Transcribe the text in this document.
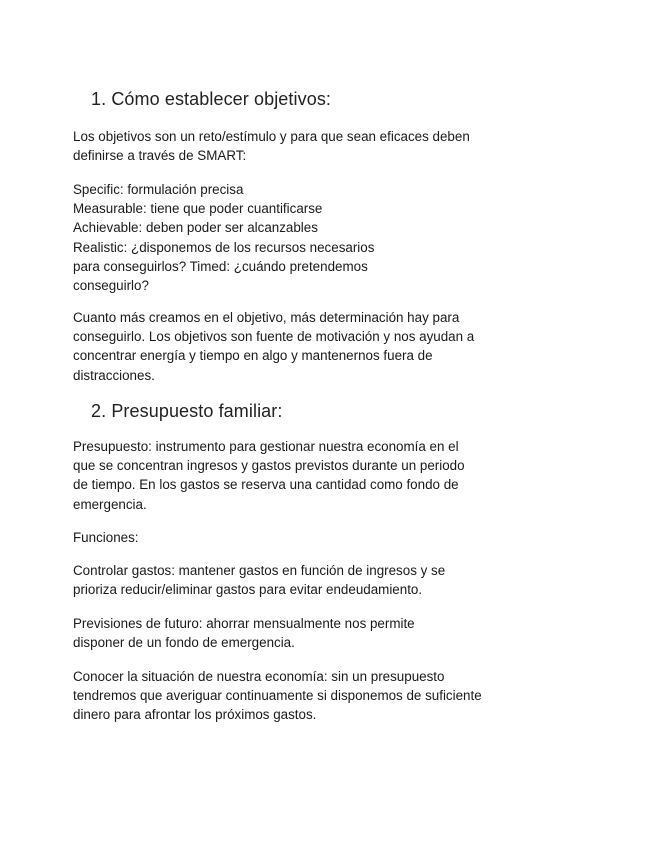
1. Cómo establecer objetivos:

Los objetivos son un reto/estímulo y para que sean eficaces deben
definirse a través de SMART:

Specific: formulación precisa
Measurable: tiene que poder cuantificarse
Achievable: deben poder ser alcanzables
Realistic: ¿disponemos de los recursos necesarios
para conseguirlos? Timed: ¿cuándo pretendemos
conseguirlo?

Cuanto más creamos en el objetivo, más determinación hay para
conseguirlo. Los objetivos son fuente de motivación y nos ayudan a
concentrar energía y tiempo en algo y mantenernos fuera de
distracciones.

2. Presupuesto familiar:

Presupuesto: instrumento para gestionar nuestra economía en el
que se concentran ingresos y gastos previstos durante un periodo
de tiempo. En los gastos se reserva una cantidad como fondo de
emergencia.

Funciones:

Controlar gastos: mantener gastos en función de ingresos y se
prioriza reducir/eliminar gastos para evitar endeudamiento.

Previsiones de futuro: ahorrar mensualmente nos permite
disponer de un fondo de emergencia.

Conocer la situación de nuestra economía: sin un presupuesto
tendremos que averiguar continuamente si disponemos de suficiente
dinero para afrontar los próximos gastos.
